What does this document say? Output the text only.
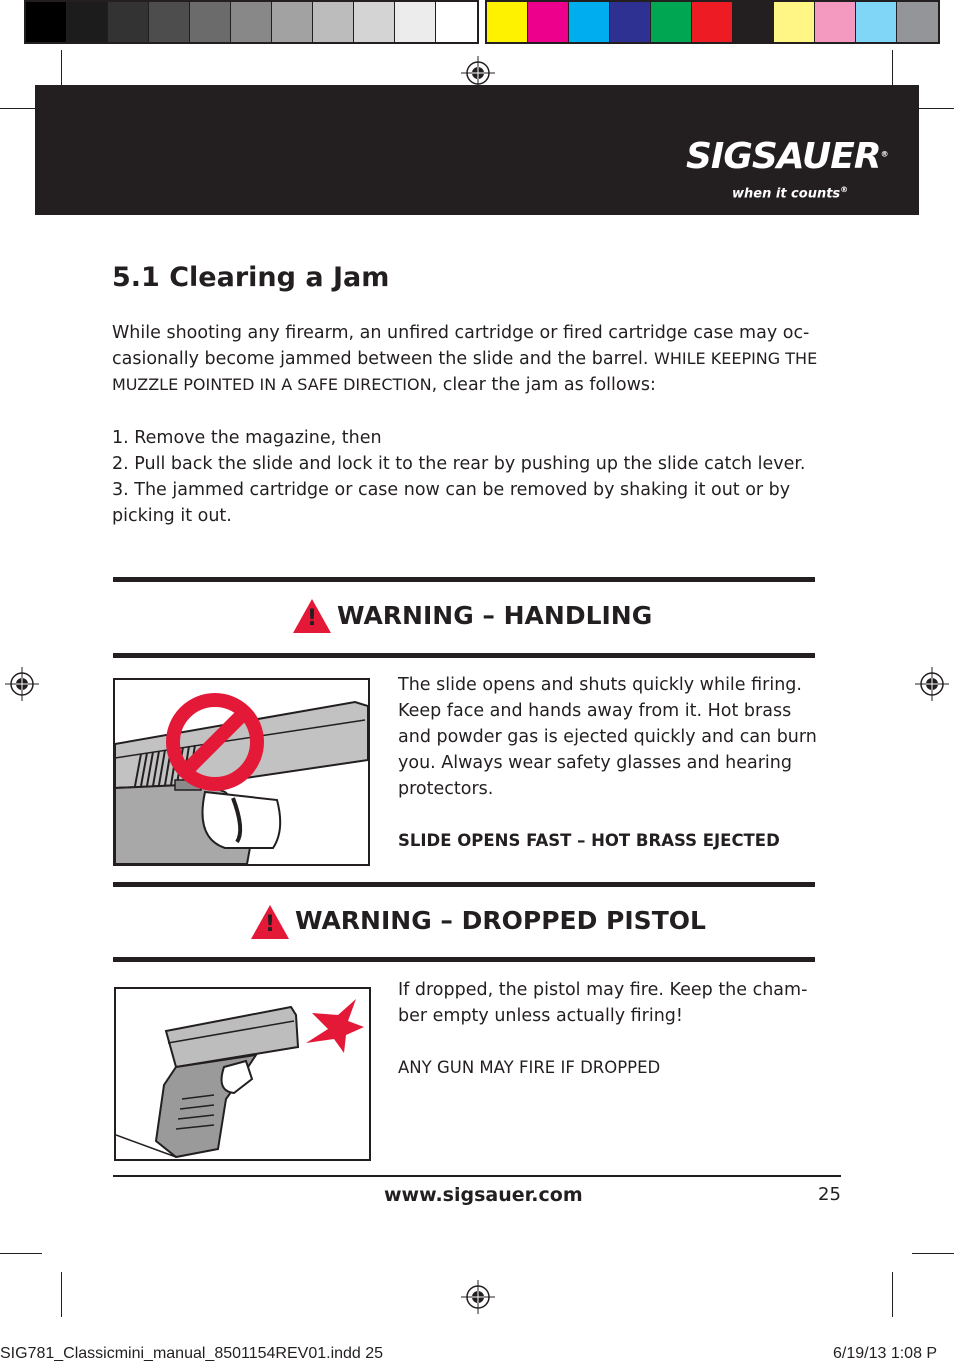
SIGSAUER®
when it counts®
5.1 Clearing a Jam

While shooting any firearm, an unfired cartridge or fired cartridge case may oc-casionally become jammed between the slide and the barrel. WHILE KEEPING THE MUZZLE POINTED IN A SAFE DIRECTION, clear the jam as follows:

1. Remove the magazine, then
2. Pull back the slide and lock it to the rear by pushing up the slide catch lever.
3. The jammed cartridge or case now can be removed by shaking it out or by picking it out.

! WARNING – HANDLING

The slide opens and shuts quickly while firing. Keep face and hands away from it. Hot brass and powder gas is ejected quickly and can burn you. Always wear safety glasses and hearing protectors.

SLIDE OPENS FAST – HOT BRASS EJECTED

! WARNING – DROPPED PISTOL

If dropped, the pistol may fire. Keep the cham-ber empty unless actually firing!

ANY GUN MAY FIRE IF DROPPED

www.sigsauer.com	25
SIG781_Classicmini_manual_8501154REV01.indd 25	6/19/13 1:08 P
